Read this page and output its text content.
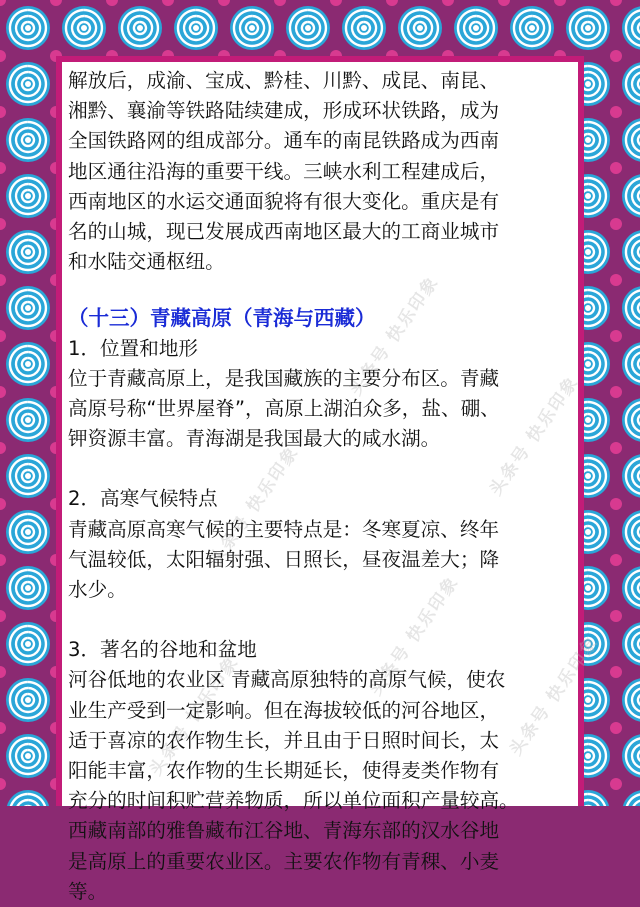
头条号 快乐印象
头条号 快乐印象
头条号 快乐印象
头条号 快乐印象
头条号 快乐印象	头条号 快乐印象

解放后，成渝、宝成、黔桂、川黔、成昆、南昆、

湘黔、襄渝等铁路陆续建成，形成环状铁路，成为

全国铁路网的组成部分。通车的南昆铁路成为西南

地区通往沿海的重要干线。三峡水利工程建成后，

西南地区的水运交通面貌将有很大变化。重庆是有

名的山城，现已发展成西南地区最大的工商业城市

和水陆交通枢纽。

（十三）青藏高原（青海与西藏）

1．位置和地形

位于青藏高原上，是我国藏族的主要分布区。青藏

高原号称“世界屋脊”，高原上湖泊众多，盐、硼、

钾资源丰富。青海湖是我国最大的咸水湖。

2．高寒气候特点

青藏高原高寒气候的主要特点是：冬寒夏凉、终年

气温较低，太阳辐射强、日照长，昼夜温差大；降

水少。

3．著名的谷地和盆地

河谷低地的农业区 青藏高原独特的高原气候，使农

业生产受到一定影响。但在海拔较低的河谷地区，

适于喜凉的农作物生长，并且由于日照时间长，太

阳能丰富，农作物的生长期延长，使得麦类作物有

充分的时间积贮营养物质，所以单位面积产量较高。

西藏南部的雅鲁藏布江谷地、青海东部的汉水谷地

是高原上的重要农业区。主要农作物有青稞、小麦

等。
